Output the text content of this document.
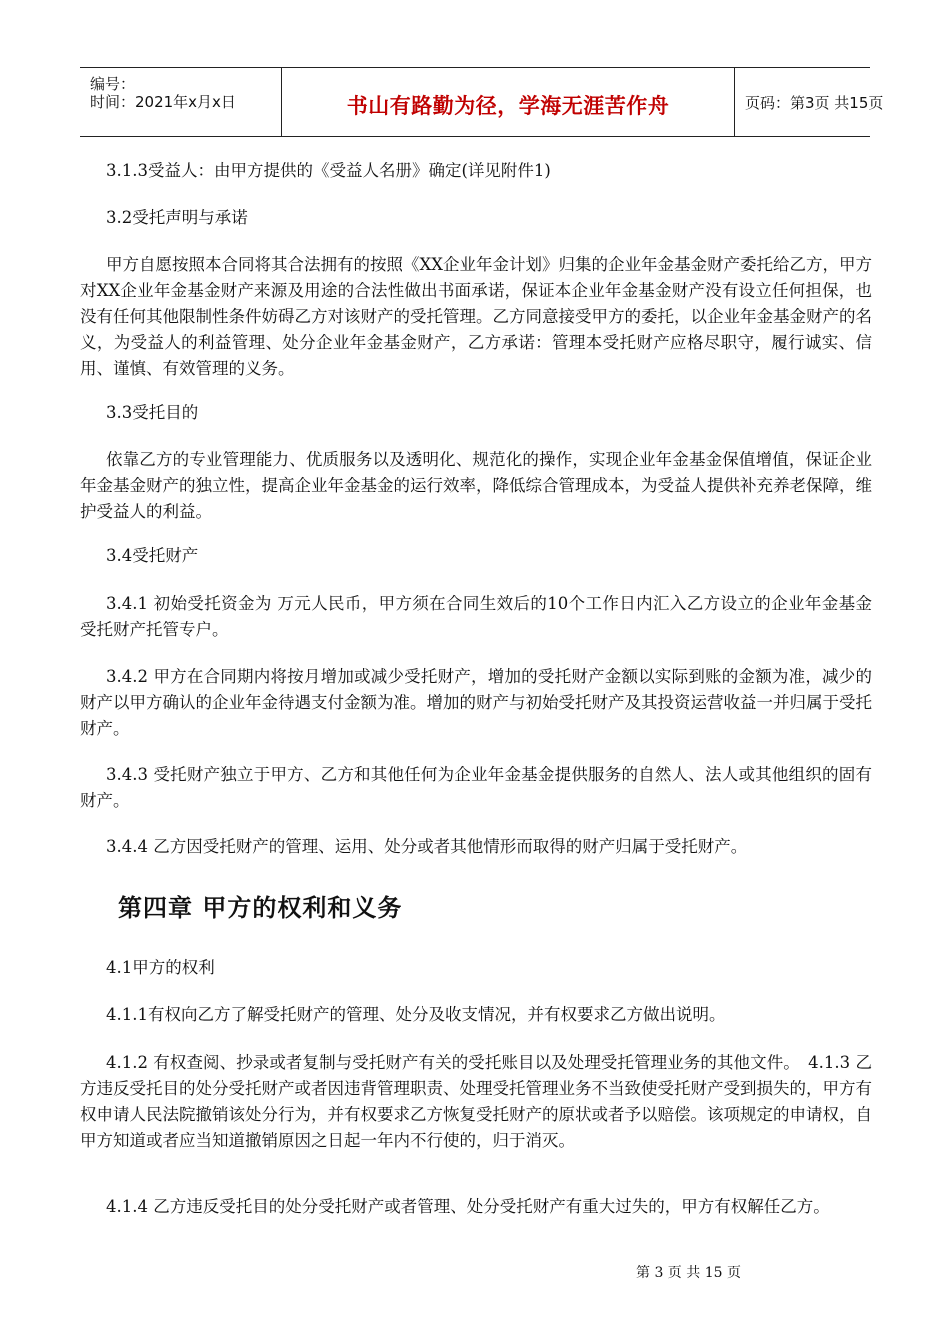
编号：
时间：2021年x月x日	书山有路勤为径，学海无涯苦作舟	页码：第3页 共15页
3.1.3受益人：由甲方提供的《受益人名册》确定(详见附件1)
3.2受托声明与承诺
甲方自愿按照本合同将其合法拥有的按照《XX企业年金计划》归集的企业年金基金财产委托给乙方，甲方对XX企业年金基金财产来源及用途的合法性做出书面承诺，保证本企业年金基金财产没有设立任何担保，也没有任何其他限制性条件妨碍乙方对该财产的受托管理。乙方同意接受甲方的委托，以企业年金基金财产的名义，为受益人的利益管理、处分企业年金基金财产，乙方承诺：管理本受托财产应格尽职守，履行诚实、信用、谨慎、有效管理的义务。
3.3受托目的
依靠乙方的专业管理能力、优质服务以及透明化、规范化的操作，实现企业年金基金保值增值，保证企业年金基金财产的独立性，提高企业年金基金的运行效率，降低综合管理成本，为受益人提供补充养老保障，维护受益人的利益。
3.4受托财产
3.4.1 初始受托资金为 万元人民币，甲方须在合同生效后的10个工作日内汇入乙方设立的企业年金基金受托财产托管专户。
3.4.2 甲方在合同期内将按月增加或减少受托财产，增加的受托财产金额以实际到账的金额为准，减少的财产以甲方确认的企业年金待遇支付金额为准。增加的财产与初始受托财产及其投资运营收益一并归属于受托财产。
3.4.3 受托财产独立于甲方、乙方和其他任何为企业年金基金提供服务的自然人、法人或其他组织的固有财产。
3.4.4 乙方因受托财产的管理、运用、处分或者其他情形而取得的财产归属于受托财产。
第四章 甲方的权利和义务
4.1甲方的权利
4.1.1有权向乙方了解受托财产的管理、处分及收支情况，并有权要求乙方做出说明。
4.1.2 有权查阅、抄录或者复制与受托财产有关的受托账目以及处理受托管理业务的其他文件。　4.1.3 乙方违反受托目的处分受托财产或者因违背管理职责、处理受托管理业务不当致使受托财产受到损失的，甲方有权申请人民法院撤销该处分行为，并有权要求乙方恢复受托财产的原状或者予以赔偿。该项规定的申请权，自甲方知道或者应当知道撤销原因之日起一年内不行使的，归于消灭。
4.1.4 乙方违反受托目的处分受托财产或者管理、处分受托财产有重大过失的，甲方有权解任乙方。
第 3 页 共 15 页
